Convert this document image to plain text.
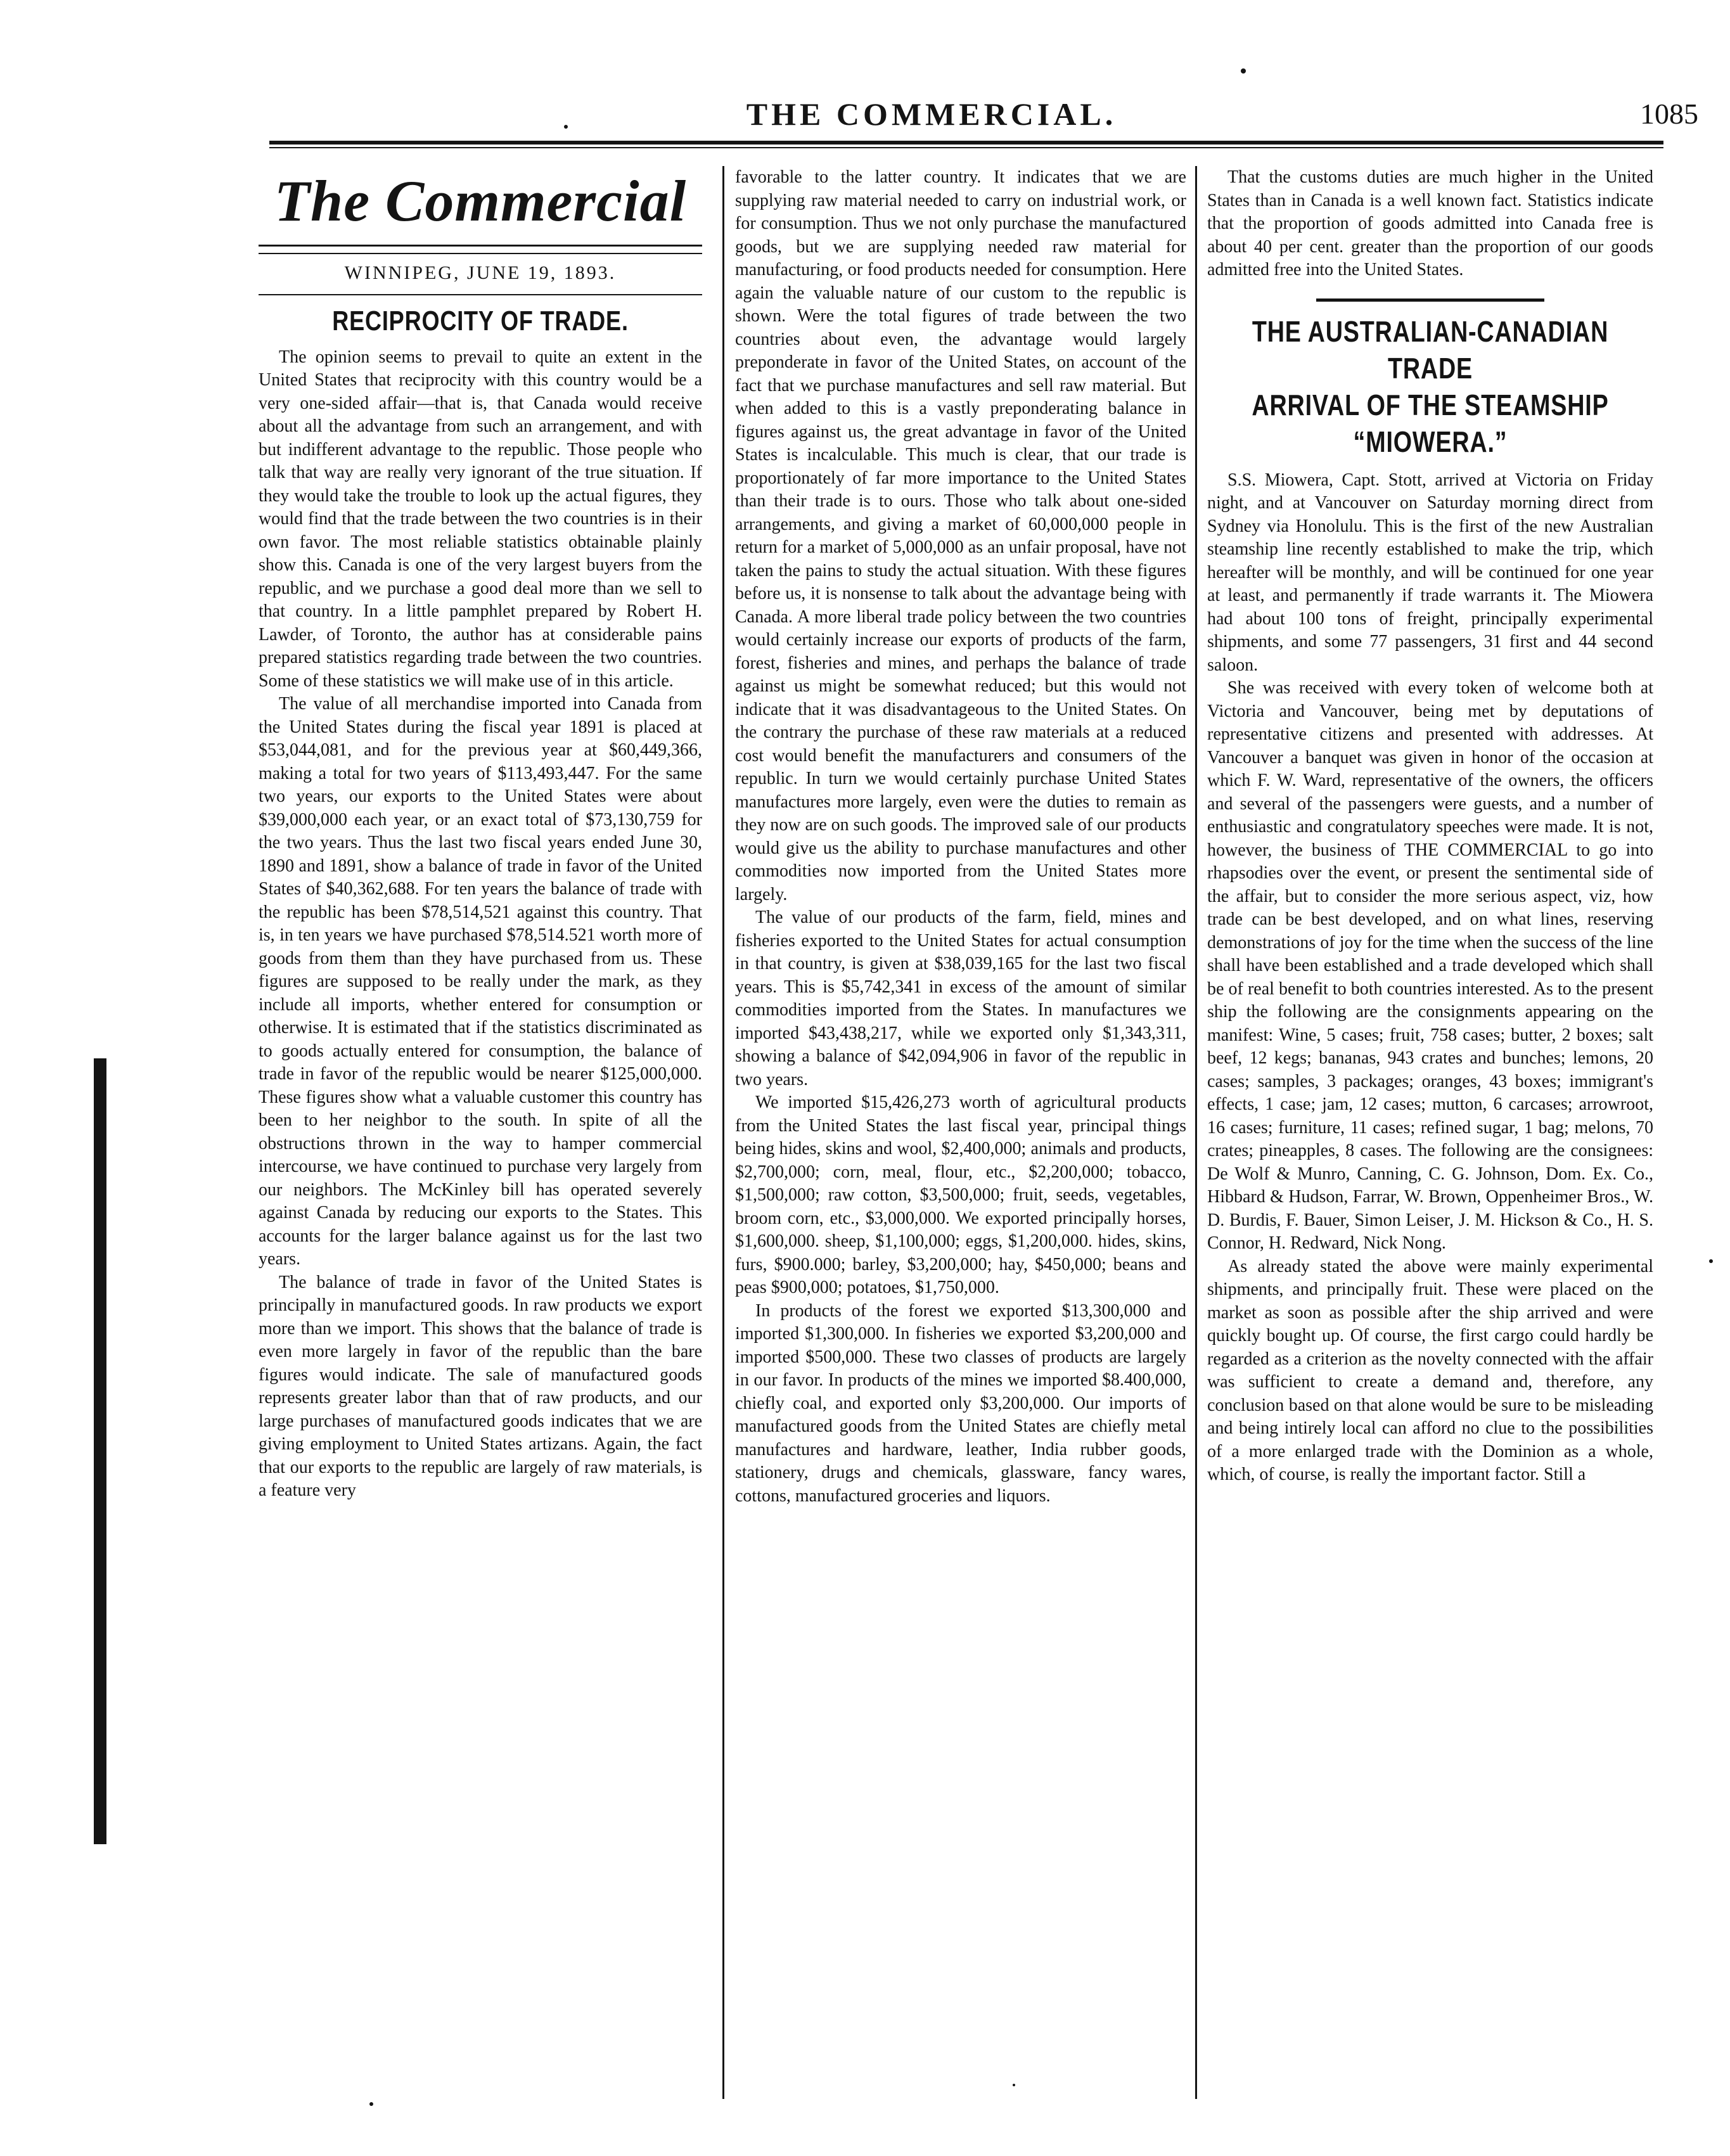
THE COMMERCIAL.	1085
The Commercial
WINNIPEG, JUNE 19, 1893.
RECIPROCITY OF TRADE.

The opinion seems to prevail to quite an extent in the United States that reciprocity with this country would be a very one-sided affair—that is, that Canada would receive about all the advantage from such an arrangement, and with but indifferent advantage to the republic. Those people who talk that way are really very ignorant of the true situation. If they would take the trouble to look up the actual figures, they would find that the trade between the two countries is in their own favor. The most reliable statistics obtainable plainly show this. Canada is one of the very largest buyers from the republic, and we purchase a good deal more than we sell to that country. In a little pamphlet prepared by Robert H. Lawder, of Toronto, the author has at considerable pains prepared statistics regarding trade between the two countries. Some of these statistics we will make use of in this article.

The value of all merchandise imported into Canada from the United States during the fiscal year 1891 is placed at $53,044,081, and for the previous year at $60,449,366, making a total for two years of $113,493,447. For the same two years, our exports to the United States were about $39,000,000 each year, or an exact total of $73,130,759 for the two years. Thus the last two fiscal years ended June 30, 1890 and 1891, show a balance of trade in favor of the United States of $40,362,688. For ten years the balance of trade with the republic has been $78,514,521 against this country. That is, in ten years we have purchased $78,514.521 worth more of goods from them than they have purchased from us. These figures are supposed to be really under the mark, as they include all imports, whether entered for consumption or otherwise. It is estimated that if the statistics discriminated as to goods actually entered for consumption, the balance of trade in favor of the republic would be nearer $125,000,000. These figures show what a valuable customer this country has been to her neighbor to the south. In spite of all the obstructions thrown in the way to hamper commercial intercourse, we have continued to purchase very largely from our neighbors. The McKinley bill has operated severely against Canada by reducing our exports to the States. This accounts for the larger balance against us for the last two years.

The balance of trade in favor of the United States is principally in manufactured goods. In raw products we export more than we import. This shows that the balance of trade is even more largely in favor of the republic than the bare figures would indicate. The sale of manufactured goods represents greater labor than that of raw products, and our large purchases of manufactured goods indicates that we are giving employment to United States artizans. Again, the fact that our exports to the republic are largely of raw materials, is a feature very

favorable to the latter country. It indicates that we are supplying raw material needed to carry on industrial work, or for consumption. Thus we not only purchase the manufactured goods, but we are supplying needed raw material for manufacturing, or food products needed for consumption. Here again the valuable nature of our custom to the republic is shown. Were the total figures of trade between the two countries about even, the advantage would largely preponderate in favor of the United States, on account of the fact that we purchase manufactures and sell raw material. But when added to this is a vastly preponderating balance in figures against us, the great advantage in favor of the United States is incalculable. This much is clear, that our trade is proportionately of far more importance to the United States than their trade is to ours. Those who talk about one-sided arrangements, and giving a market of 60,000,000 people in return for a market of 5,000,000 as an unfair proposal, have not taken the pains to study the actual situation. With these figures before us, it is nonsense to talk about the advantage being with Canada. A more liberal trade policy between the two countries would certainly increase our exports of products of the farm, forest, fisheries and mines, and perhaps the balance of trade against us might be somewhat reduced; but this would not indicate that it was disadvantageous to the United States. On the contrary the purchase of these raw materials at a reduced cost would benefit the manufacturers and consumers of the republic. In turn we would certainly purchase United States manufactures more largely, even were the duties to remain as they now are on such goods. The improved sale of our products would give us the ability to purchase manufactures and other commodities now imported from the United States more largely.

The value of our products of the farm, field, mines and fisheries exported to the United States for actual consumption in that country, is given at $38,039,165 for the last two fiscal years. This is $5,742,341 in excess of the amount of similar commodities imported from the States. In manufactures we imported $43,438,217, while we exported only $1,343,311, showing a balance of $42,094,906 in favor of the republic in two years.

We imported $15,426,273 worth of agricultural products from the United States the last fiscal year, principal things being hides, skins and wool, $2,400,000; animals and products, $2,700,000; corn, meal, flour, etc., $2,200,000; tobacco, $1,500,000; raw cotton, $3,500,000; fruit, seeds, vegetables, broom corn, etc., $3,000,000. We exported principally horses, $1,600,000. sheep, $1,100,000; eggs, $1,200,000. hides, skins, furs, $900.000; barley, $3,200,000; hay, $450,000; beans and peas $900,000; potatoes, $1,750,000.

In products of the forest we exported $13,300,000 and imported $1,300,000. In fisheries we exported $3,200,000 and imported $500,000. These two classes of products are largely in our favor. In products of the mines we imported $8.400,000, chiefly coal, and exported only $3,200,000. Our imports of manufactured goods from the United States are chiefly metal manufactures and hardware, leather, India rubber goods, stationery, drugs and chemicals, glassware, fancy wares, cottons, manufactured groceries and liquors.

That the customs duties are much higher in the United States than in Canada is a well known fact. Statistics indicate that the proportion of goods admitted into Canada free is about 40 per cent. greater than the proportion of our goods admitted free into the United States.

THE AUSTRALIAN-CANADIAN TRADE
ARRIVAL OF THE STEAMSHIP
“MIOWERA.”

S.S. Miowera, Capt. Stott, arrived at Victoria on Friday night, and at Vancouver on Saturday morning direct from Sydney via Honolulu. This is the first of the new Australian steamship line recently established to make the trip, which hereafter will be monthly, and will be continued for one year at least, and permanently if trade warrants it. The Miowera had about 100 tons of freight, principally experimental shipments, and some 77 passengers, 31 first and 44 second saloon.

She was received with every token of welcome both at Victoria and Vancouver, being met by deputations of representative citizens and presented with addresses. At Vancouver a banquet was given in honor of the occasion at which F. W. Ward, representative of the owners, the officers and several of the passengers were guests, and a number of enthusiastic and congratulatory speeches were made. It is not, however, the business of THE COMMERCIAL to go into rhapsodies over the event, or present the sentimental side of the affair, but to consider the more serious aspect, viz, how trade can be best developed, and on what lines, reserving demonstrations of joy for the time when the success of the line shall have been established and a trade developed which shall be of real benefit to both countries interested. As to the present ship the following are the consignments appearing on the manifest: Wine, 5 cases; fruit, 758 cases; butter, 2 boxes; salt beef, 12 kegs; bananas, 943 crates and bunches; lemons, 20 cases; samples, 3 packages; oranges, 43 boxes; immigrant's effects, 1 case; jam, 12 cases; mutton, 6 carcases; arrowroot, 16 cases; furniture, 11 cases; refined sugar, 1 bag; melons, 70 crates; pineapples, 8 cases. The following are the consignees: De Wolf & Munro, Canning, C. G. Johnson, Dom. Ex. Co., Hibbard & Hudson, Farrar, W. Brown, Oppenheimer Bros., W. D. Burdis, F. Bauer, Simon Leiser, J. M. Hickson & Co., H. S. Connor, H. Redward, Nick Nong.

As already stated the above were mainly experimental shipments, and principally fruit. These were placed on the market as soon as possible after the ship arrived and were quickly bought up. Of course, the first cargo could hardly be regarded as a criterion as the novelty connected with the affair was sufficient to create a demand and, therefore, any conclusion based on that alone would be sure to be misleading and being intirely local can afford no clue to the possibilities of a more enlarged trade with the Dominion as a whole, which, of course, is really the important factor. Still a
